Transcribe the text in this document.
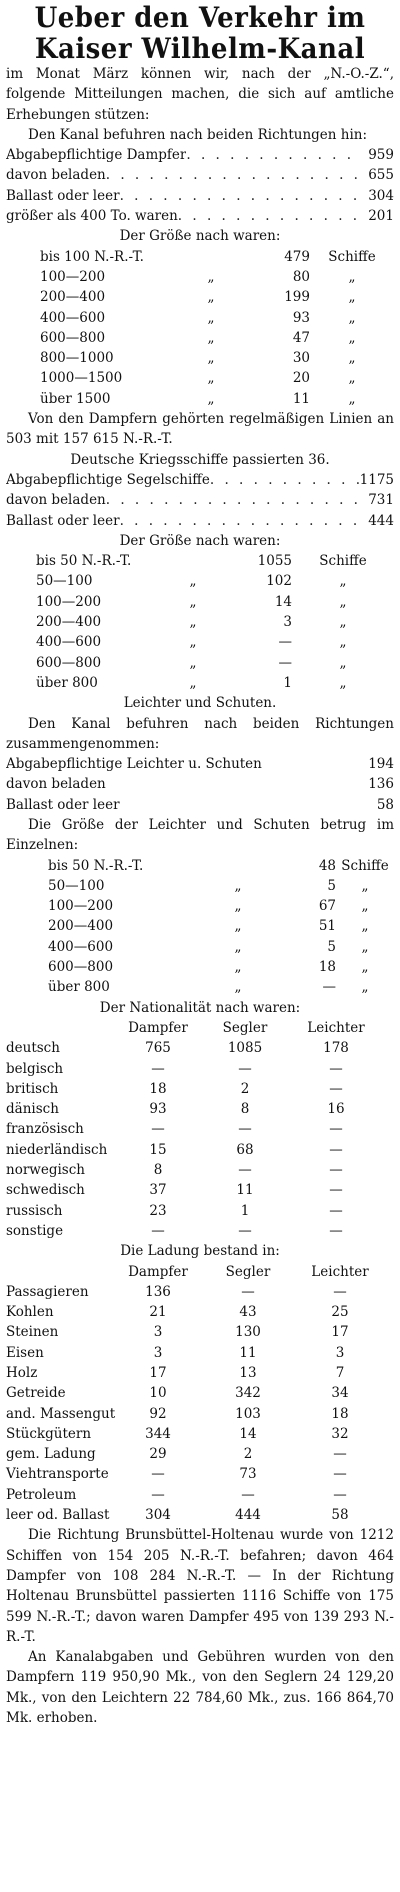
Ueber den Verkehr im
Kaiser Wilhelm-Kanal

im Monat März können wir, nach der „N.-O.-Z.“, folgende Mitteilungen machen, die sich auf amtliche Erhebungen stützen:

Den Kanal befuhren nach beiden Richtungen hin:

Abgabepflichtige Dampfer . . .	959
davon beladen . . .	655
Ballast oder leer . . .	304
größer als 400 To. waren . . .	201
Der Größe nach waren:
bis 100 N.-R.-T.	479	Schiffe
100—200	„	80	„
200—400	„	199	„
400—600	„	93	„
600—800	„	47	„
800—1000	„	30	„
1000—1500	„	20	„
über 1500	„	11	„

Von den Dampfern gehörten regelmäßigen Linien an 503 mit 157 615 N.-R.-T.

Deutsche Kriegsschiffe passierten 36.
Abgabepflichtige Segelschiffe . . .	1175
davon beladen . . .	731
Ballast oder leer . . .	444
Der Größe nach waren:
bis 50 N.-R.-T.	1055	Schiffe
50—100	„	102	„
100—200	„	14	„
200—400	„	3	„
400—600	„	—	„
600—800	„	—	„
über 800	„	1	„
Leichter und Schuten.

Den Kanal befuhren nach beiden Richtungen zusammengenommen:

Abgabepflichtige Leichter u. Schuten	194
davon beladen	136
Ballast oder leer	58

Die Größe der Leichter und Schuten betrug im Einzelnen:

bis 50 N.-R.-T.	48 Schiffe
50—100	„	5	„
100—200	„	67	„
200—400	„	51	„
400—600	„	5	„
600—800	„	18	„
über 800	„	—	„
Der Nationalität nach waren:
Dampfer	Segler	Leichter
deutsch	765	1085	178
belgisch	—	—	—
britisch	18	2	—
dänisch	93	8	16
französisch	—	—	—
niederländisch	15	68	—
norwegisch	8	—	—
schwedisch	37	11	—
russisch	23	1	—
sonstige	—	—	—
Die Ladung bestand in:
Dampfer	Segler	Leichter
Passagieren	136	—	—
Kohlen	21	43	25
Steinen	3	130	17
Eisen	3	11	3
Holz	17	13	7
Getreide	10	342	34
and. Massengut	92	103	18
Stückgütern	344	14	32
gem. Ladung	29	2	—
Viehtransporte	—	73	—
Petroleum	—	—	—
leer od. Ballast	304	444	58

Die Richtung Brunsbüttel-Holtenau wurde von 1212 Schiffen von 154 205 N.-R.-T. befahren; davon 464 Dampfer von 108 284 N.-R.-T. — In der Richtung Holtenau Brunsbüttel passierten 1116 Schiffe von 175 599 N.-R.-T.; davon waren Dampfer 495 von 139 293 N.-R.-T.

An Kanalabgaben und Gebühren wurden von den Dampfern 119 950,90 Mk., von den Seglern 24 129,20 Mk., von den Leichtern 22 784,60 Mk., zus. 166 864,70 Mk. erhoben.
